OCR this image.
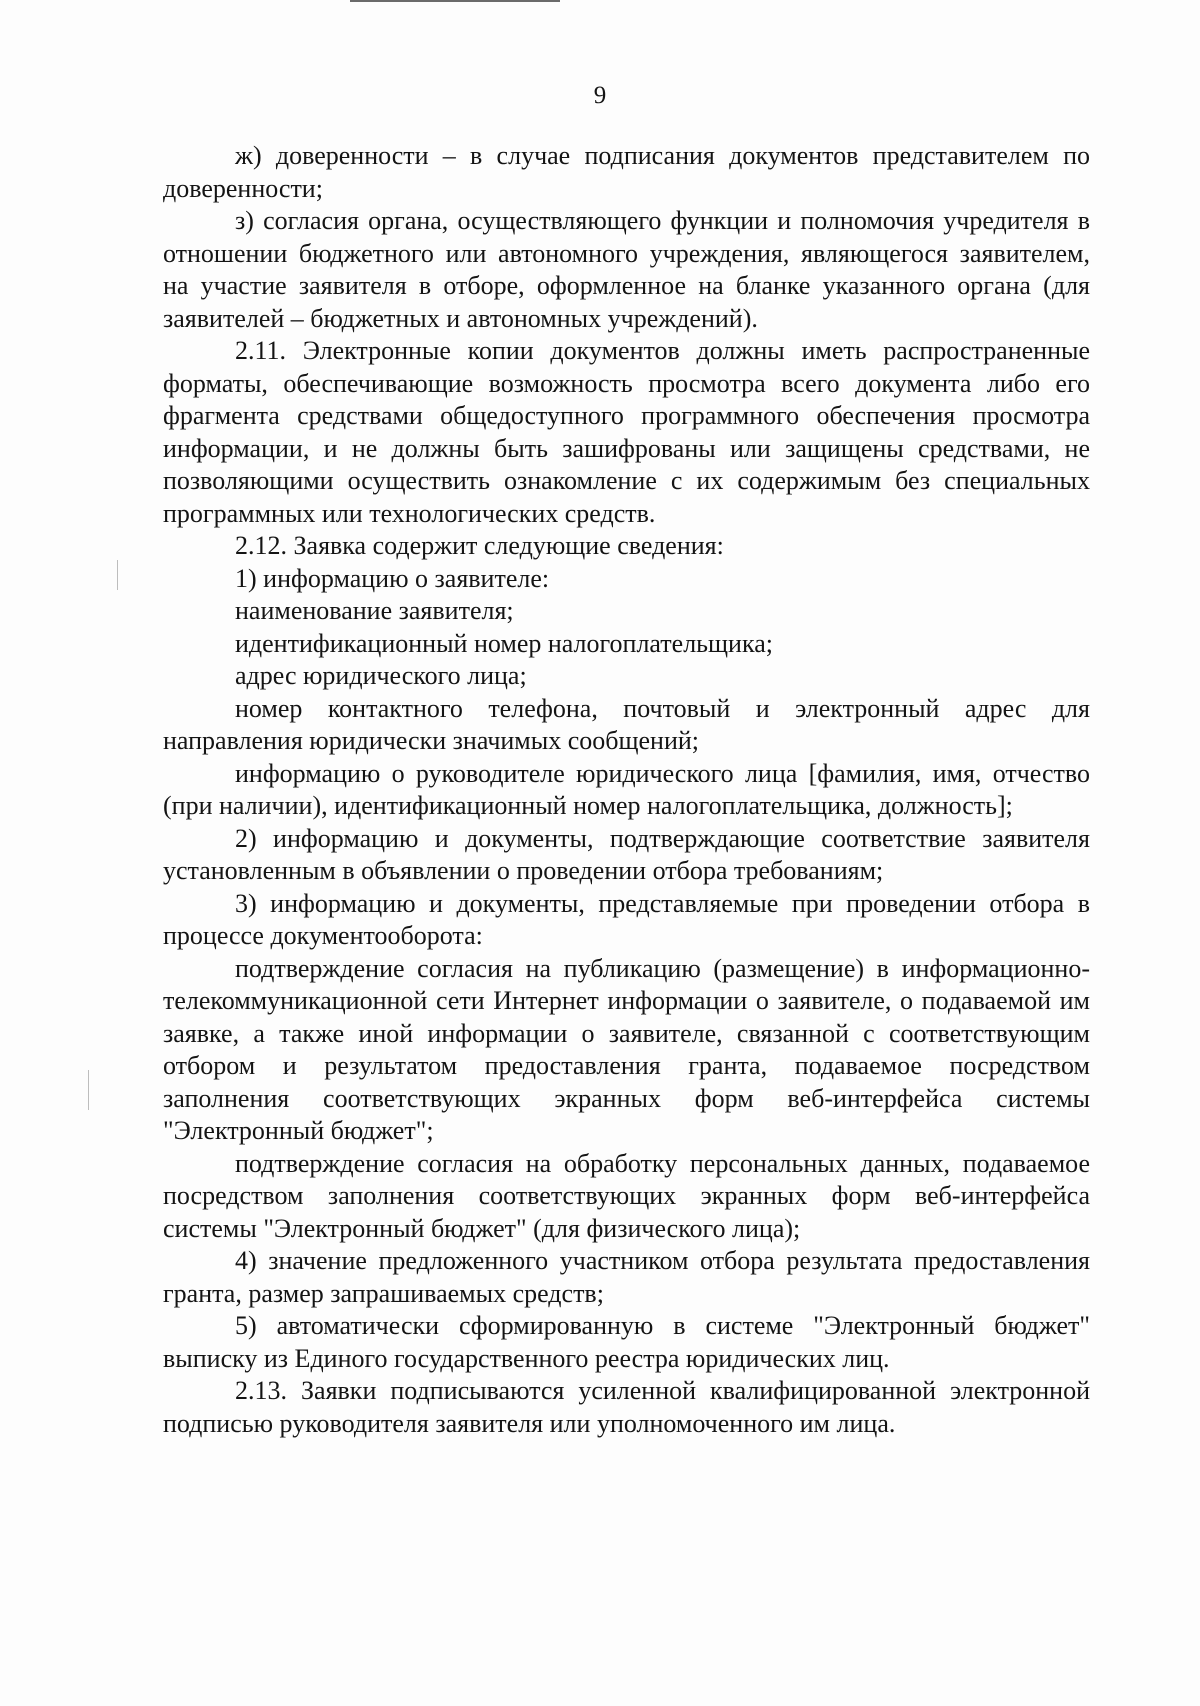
9

ж) доверенности – в случае подписания документов представителем по доверенности;

з) согласия органа, осуществляющего функции и полномочия учредителя в отношении бюджетного или автономного учреждения, являющегося заявителем, на участие заявителя в отборе, оформленное на бланке указанного органа (для заявителей – бюджетных и автономных учреждений).

2.11. Электронные копии документов должны иметь распространенные форматы, обеспечивающие возможность просмотра всего документа либо его фрагмента средствами общедоступного программного обеспечения просмотра информации, и не должны быть зашифрованы или защищены средствами, не позволяющими осуществить ознакомление с их содержимым без специальных программных или технологических средств.

2.12. Заявка содержит следующие сведения:

1) информацию о заявителе:

наименование заявителя;

идентификационный номер налогоплательщика;

адрес юридического лица;

номер контактного телефона, почтовый и электронный адрес для направления юридически значимых сообщений;

информацию о руководителе юридического лица [фамилия, имя, отчество (при наличии), идентификационный номер налогоплательщика, должность];

2) информацию и документы, подтверждающие соответствие заявителя установленным в объявлении о проведении отбора требованиям;

3) информацию и документы, представляемые при проведении отбора в процессе документооборота:

подтверждение согласия на публикацию (размещение) в информационно-телекоммуникационной сети Интернет информации о заявителе, о подаваемой им заявке, а также иной информации о заявителе, связанной с соответствующим отбором и результатом предоставления гранта, подаваемое посредством заполнения соответствующих экранных форм веб-интерфейса системы "Электронный бюджет";

подтверждение согласия на обработку персональных данных, подаваемое посредством заполнения соответствующих экранных форм веб-интерфейса системы "Электронный бюджет" (для физического лица);

4) значение предложенного участником отбора результата предоставления гранта, размер запрашиваемых средств;

5) автоматически сформированную в системе "Электронный бюджет" выписку из Единого государственного реестра юридических лиц.

2.13. Заявки подписываются усиленной квалифицированной электронной подписью руководителя заявителя или уполномоченного им лица.
